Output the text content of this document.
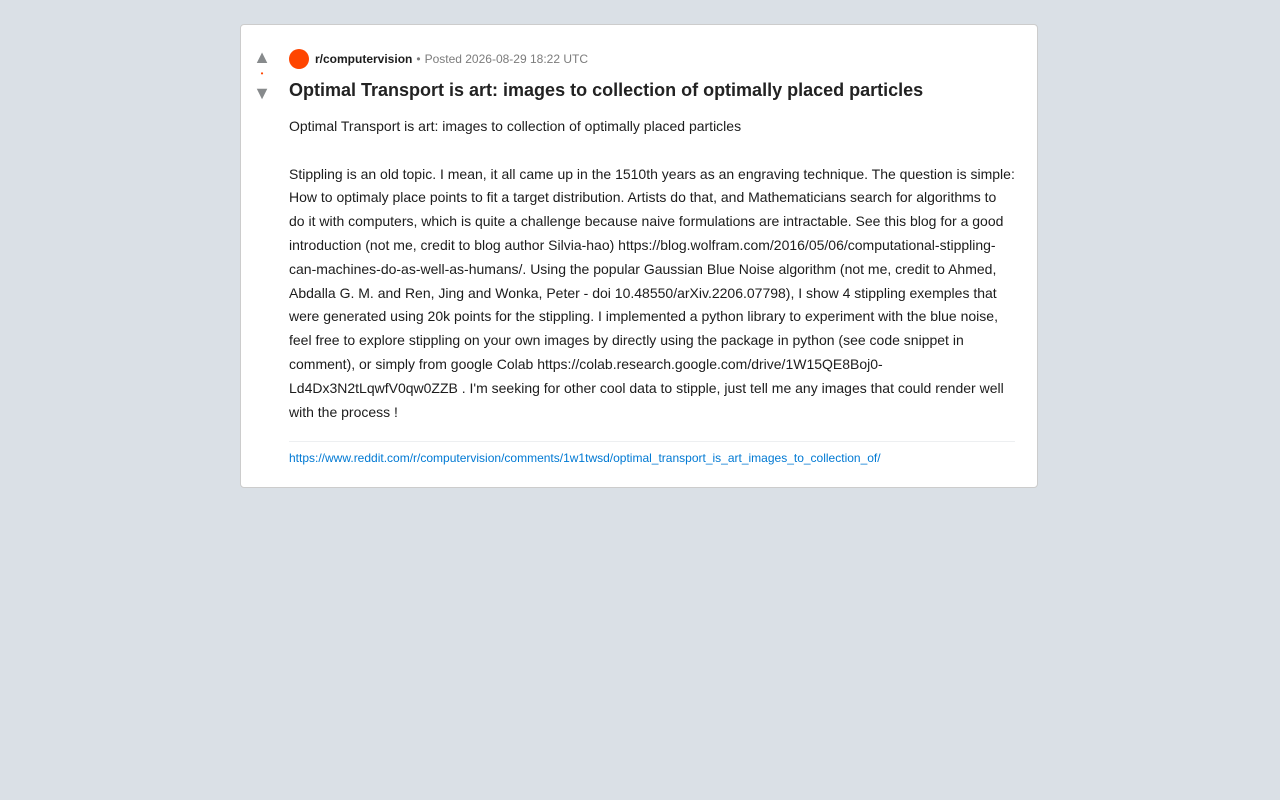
▲
•
▼
r/computervision • Posted 2026-08-29 18:22 UTC
Optimal Transport is art: images to collection of optimally placed particles

Optimal Transport is art: images to collection of optimally placed particles

Stippling is an old topic. I mean, it all came up in the 1510th years as an engraving technique. The question is simple: How to optimaly place points to fit a target distribution. Artists do that, and Mathematicians search for algorithms to do it with computers, which is quite a challenge because naive formulations are intractable. See this blog for a good introduction (not me, credit to blog author Silvia-hao) https://blog.wolfram.com/2016/05/06/computational-stippling-can-machines-do-as-well-as-humans/. Using the popular Gaussian Blue Noise algorithm (not me, credit to Ahmed, Abdalla G. M. and Ren, Jing and Wonka, Peter - doi 10.48550/arXiv.2206.07798), I show 4 stippling exemples that were generated using 20k points for the stippling. I implemented a python library to experiment with the blue noise, feel free to explore stippling on your own images by directly using the package in python (see code snippet in comment), or simply from google Colab https://colab.research.google.com/drive/1W15QE8Boj0-Ld4Dx3N2tLqwfV0qw0ZZB . I'm seeking for other cool data to stipple, just tell me any images that could render well with the process !

https://www.reddit.com/r/computervision/comments/1w1twsd/optimal_transport_is_art_images_to_collection_of/
